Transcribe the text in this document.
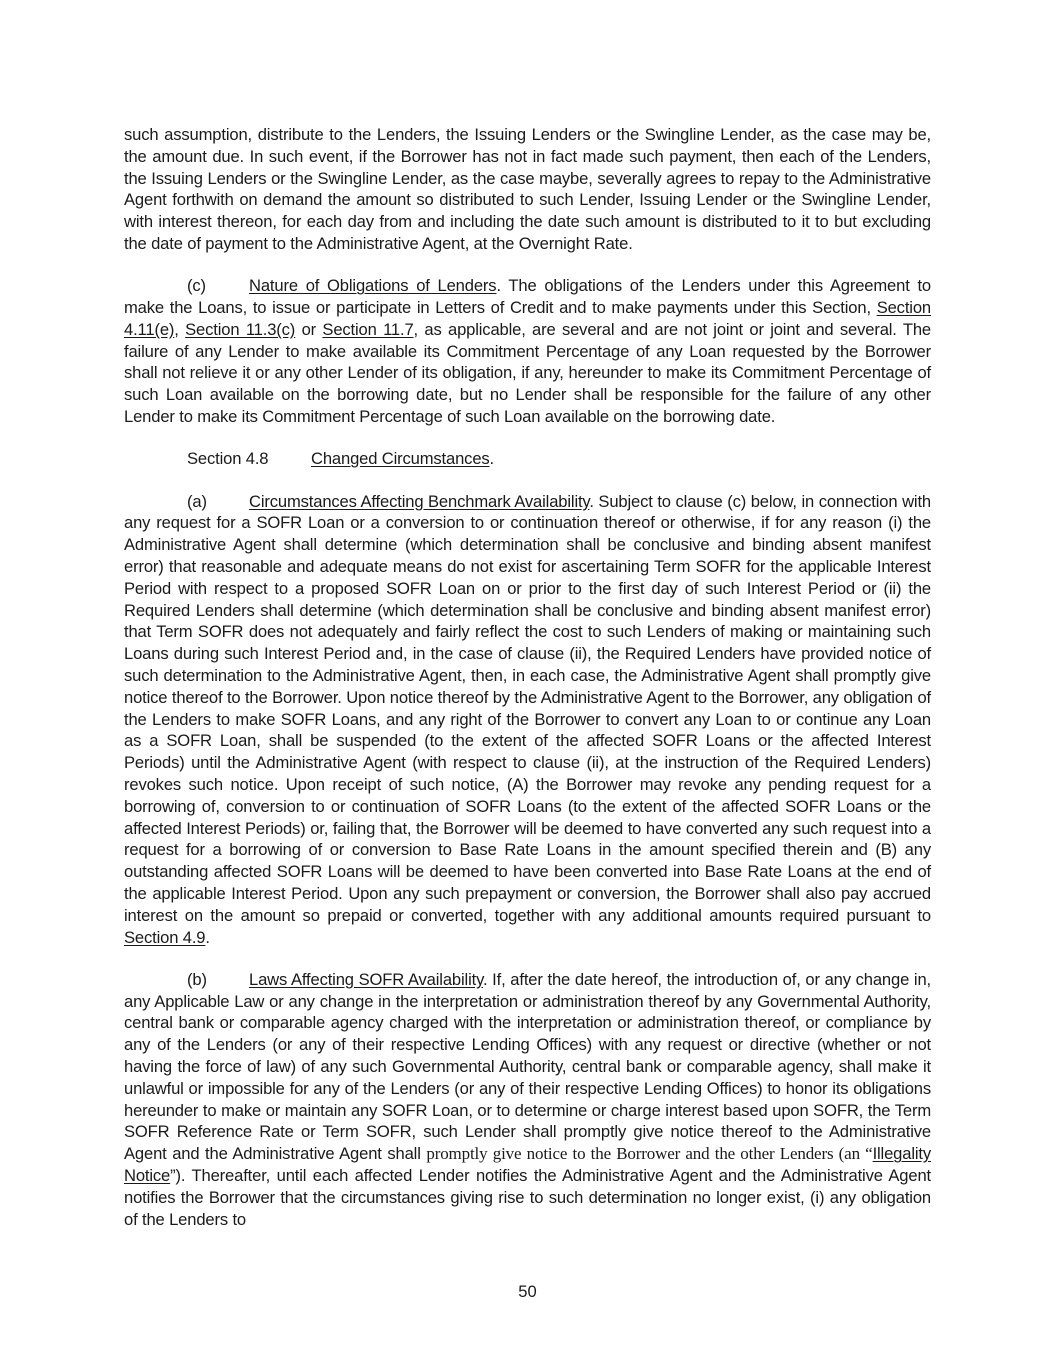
such assumption, distribute to the Lenders, the Issuing Lenders or the Swingline Lender, as the case may be, the amount due. In such event, if the Borrower has not in fact made such payment, then each of the Lenders, the Issuing Lenders or the Swingline Lender, as the case maybe, severally agrees to repay to the Administrative Agent forthwith on demand the amount so distributed to such Lender, Issuing Lender or the Swingline Lender, with interest thereon, for each day from and including the date such amount is distributed to it to but excluding the date of payment to the Administrative Agent, at the Overnight Rate.

(c)	Nature of Obligations of Lenders. The obligations of the Lenders under this Agreement to make the Loans, to issue or participate in Letters of Credit and to make payments under this Section, Section 4.11(e), Section 11.3(c) or Section 11.7, as applicable, are several and are not joint or joint and several. The failure of any Lender to make available its Commitment Percentage of any Loan requested by the Borrower shall not relieve it or any other Lender of its obligation, if any, hereunder to make its Commitment Percentage of such Loan available on the borrowing date, but no Lender shall be responsible for the failure of any other Lender to make its Commitment Percentage of such Loan available on the borrowing date.

Section 4.8	Changed Circumstances.

(a)	Circumstances Affecting Benchmark Availability. Subject to clause (c) below, in connection with any request for a SOFR Loan or a conversion to or continuation thereof or otherwise, if for any reason (i) the Administrative Agent shall determine (which determination shall be conclusive and binding absent manifest error) that reasonable and adequate means do not exist for ascertaining Term SOFR for the applicable Interest Period with respect to a proposed SOFR Loan on or prior to the first day of such Interest Period or (ii) the Required Lenders shall determine (which determination shall be conclusive and binding absent manifest error) that Term SOFR does not adequately and fairly reflect the cost to such Lenders of making or maintaining such Loans during such Interest Period and, in the case of clause (ii), the Required Lenders have provided notice of such determination to the Administrative Agent, then, in each case, the Administrative Agent shall promptly give notice thereof to the Borrower. Upon notice thereof by the Administrative Agent to the Borrower, any obligation of the Lenders to make SOFR Loans, and any right of the Borrower to convert any Loan to or continue any Loan as a SOFR Loan, shall be suspended (to the extent of the affected SOFR Loans or the affected Interest Periods) until the Administrative Agent (with respect to clause (ii), at the instruction of the Required Lenders) revokes such notice. Upon receipt of such notice, (A) the Borrower may revoke any pending request for a borrowing of, conversion to or continuation of SOFR Loans (to the extent of the affected SOFR Loans or the affected Interest Periods) or, failing that, the Borrower will be deemed to have converted any such request into a request for a borrowing of or conversion to Base Rate Loans in the amount specified therein and (B) any outstanding affected SOFR Loans will be deemed to have been converted into Base Rate Loans at the end of the applicable Interest Period. Upon any such prepayment or conversion, the Borrower shall also pay accrued interest on the amount so prepaid or converted, together with any additional amounts required pursuant to Section 4.9.

(b)	Laws Affecting SOFR Availability. If, after the date hereof, the introduction of, or any change in, any Applicable Law or any change in the interpretation or administration thereof by any Governmental Authority, central bank or comparable agency charged with the interpretation or administration thereof, or compliance by any of the Lenders (or any of their respective Lending Offices) with any request or directive (whether or not having the force of law) of any such Governmental Authority, central bank or comparable agency, shall make it unlawful or impossible for any of the Lenders (or any of their respective Lending Offices) to honor its obligations hereunder to make or maintain any SOFR Loan, or to determine or charge interest based upon SOFR, the Term SOFR Reference Rate or Term SOFR, such Lender shall promptly give notice thereof to the Administrative Agent and the Administrative Agent shall promptly give notice to the Borrower and the other Lenders (an “Illegality Notice”). Thereafter, until each affected Lender notifies the Administrative Agent and the Administrative Agent notifies the Borrower that the circumstances giving rise to such determination no longer exist, (i) any obligation of the Lenders to

50
